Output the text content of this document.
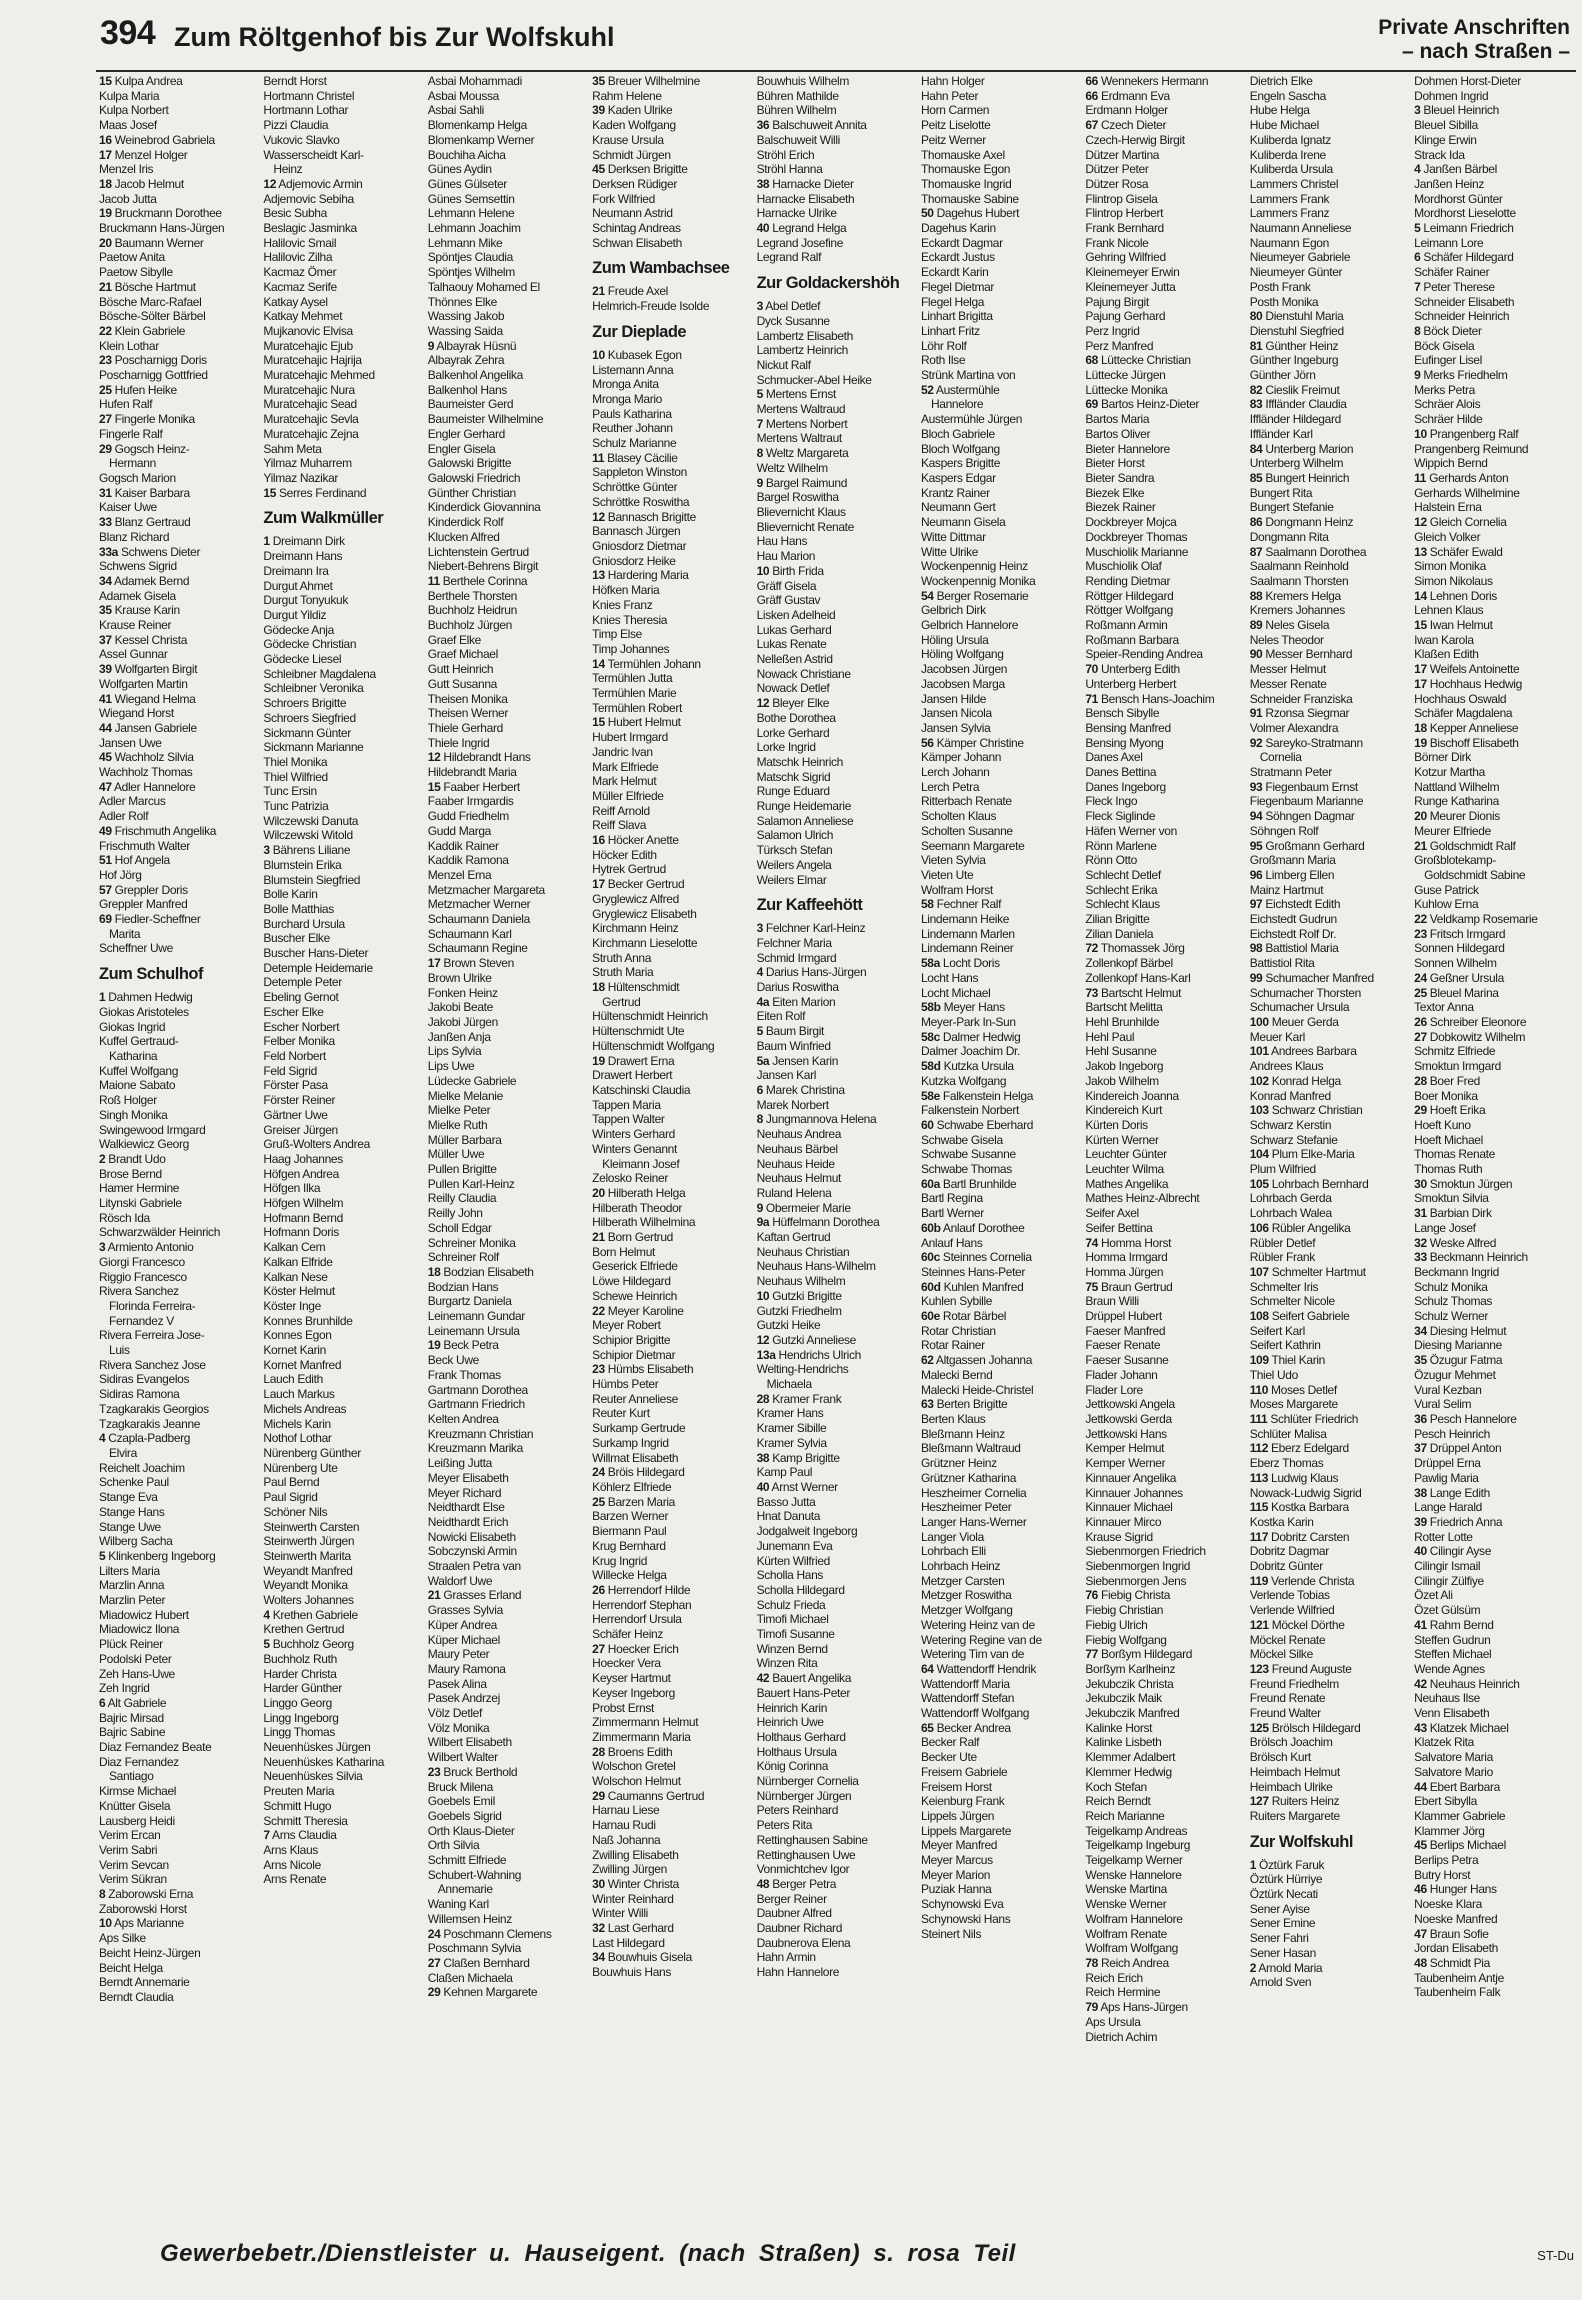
394 Zum Röltgenhof bis Zur Wolfskuhl	Private Anschriften
– nach Straßen –
15 Kulpa Andrea
Kulpa Maria
Kulpa Norbert
Maas Josef
16 Weinebrod Gabriela
17 Menzel Holger
Menzel Iris
18 Jacob Helmut
Jacob Jutta
19 Bruckmann Dorothee
Bruckmann Hans-Jürgen
20 Baumann Werner
Paetow Anita
Paetow Sibylle
21 Bösche Hartmut
Bösche Marc-Rafael
Bösche-Sölter Bärbel
22 Klein Gabriele
Klein Lothar
23 Poscharnigg Doris
Poscharnigg Gottfried
25 Hufen Heike
Hufen Ralf
27 Fingerle Monika
Fingerle Ralf
29 Gogsch Heinz-
Hermann
Gogsch Marion
31 Kaiser Barbara
Kaiser Uwe
33 Blanz Gertraud
Blanz Richard
33a Schwens Dieter
Schwens Sigrid
34 Adamek Bernd
Adamek Gisela
35 Krause Karin
Krause Reiner
37 Kessel Christa
Assel Gunnar
39 Wolfgarten Birgit
Wolfgarten Martin
41 Wiegand Helma
Wiegand Horst
44 Jansen Gabriele
Jansen Uwe
45 Wachholz Silvia
Wachholz Thomas
47 Adler Hannelore
Adler Marcus
Adler Rolf
49 Frischmuth Angelika
Frischmuth Walter
51 Hof Angela
Hof Jörg
57 Greppler Doris
Greppler Manfred
69 Fiedler-Scheffner
Marita
Scheffner Uwe
Zum Schulhof
1 Dahmen Hedwig
Giokas Aristoteles
Giokas Ingrid
Kuffel Gertraud-
Katharina
Kuffel Wolfgang
Maione Sabato
Roß Holger
Singh Monika
Swingewood Irmgard
Walkiewicz Georg
2 Brandt Udo
Brose Bernd
Hamer Hermine
Litynski Gabriele
Rösch Ida
Schwarzwälder Heinrich
3 Armiento Antonio
Giorgi Francesco
Riggio Francesco
Rivera Sanchez
Florinda Ferreira-
Fernandez V
Rivera Ferreira Jose-
Luis
Rivera Sanchez Jose
Sidiras Evangelos
Sidiras Ramona
Tzagkarakis Georgios
Tzagkarakis Jeanne
4 Czapla-Padberg
Elvira
Reichelt Joachim
Schenke Paul
Stange Eva
Stange Hans
Stange Uwe
Wilberg Sacha
5 Klinkenberg Ingeborg
Lilters Maria
Marzlin Anna
Marzlin Peter
Miadowicz Hubert
Miadowicz Ilona
Plück Reiner
Podolski Peter
Zeh Hans-Uwe
Zeh Ingrid
6 Alt Gabriele
Bajric Mirsad
Bajric Sabine
Diaz Fernandez Beate
Diaz Fernandez
Santiago
Kirmse Michael
Knütter Gisela
Lausberg Heidi
Verim Ercan
Verim Sabri
Verim Sevcan
Verim Sükran
8 Zaborowski Erna
Zaborowski Horst
10 Aps Marianne
Aps Silke
Beicht Heinz-Jürgen
Beicht Helga
Berndt Annemarie
Berndt Claudia
Berndt Horst
Hortmann Christel
Hortmann Lothar
Pizzi Claudia
Vukovic Slavko
Wasserscheidt Karl-
Heinz
12 Adjemovic Armin
Adjemovic Sebiha
Besic Subha
Beslagic Jasminka
Halilovic Smail
Halilovic Zilha
Kacmaz Ömer
Kacmaz Serife
Katkay Aysel
Katkay Mehmet
Mujkanovic Elvisa
Muratcehajic Ejub
Muratcehajic Hajrija
Muratcehajic Mehmed
Muratcehajic Nura
Muratcehajic Sead
Muratcehajic Sevla
Muratcehajic Zejna
Sahm Meta
Yilmaz Muharrem
Yilmaz Nazikar
15 Serres Ferdinand
Zum Walkmüller
1 Dreimann Dirk
Dreimann Hans
Dreimann Ira
Durgut Ahmet
Durgut Tonyukuk
Durgut Yildiz
Gödecke Anja
Gödecke Christian
Gödecke Liesel
Schleibner Magdalena
Schleibner Veronika
Schroers Brigitte
Schroers Siegfried
Sickmann Günter
Sickmann Marianne
Thiel Monika
Thiel Wilfried
Tunc Ersin
Tunc Patrizia
Wilczewski Danuta
Wilczewski Witold
3 Bährens Liliane
Blumstein Erika
Blumstein Siegfried
Bolle Karin
Bolle Matthias
Burchard Ursula
Buscher Elke
Buscher Hans-Dieter
Detemple Heidemarie
Detemple Peter
Ebeling Gernot
Escher Elke
Escher Norbert
Felber Monika
Feld Norbert
Feld Sigrid
Förster Pasa
Förster Reiner
Gärtner Uwe
Greiser Jürgen
Gruß-Wolters Andrea
Haag Johannes
Höfgen Andrea
Höfgen Ilka
Höfgen Wilhelm
Hofmann Bernd
Hofmann Doris
Kalkan Cem
Kalkan Elfride
Kalkan Nese
Köster Helmut
Köster Inge
Konnes Brunhilde
Konnes Egon
Kornet Karin
Kornet Manfred
Lauch Edith
Lauch Markus
Michels Andreas
Michels Karin
Nothof Lothar
Nürenberg Günther
Nürenberg Ute
Paul Bernd
Paul Sigrid
Schöner Nils
Steinwerth Carsten
Steinwerth Jürgen
Steinwerth Marita
Weyandt Manfred
Weyandt Monika
Wolters Johannes
4 Krethen Gabriele
Krethen Gertrud
5 Buchholz Georg
Buchholz Ruth
Harder Christa
Harder Günther
Linggo Georg
Lingg Ingeborg
Lingg Thomas
Neuenhüskes Jürgen
Neuenhüskes Katharina
Neuenhüskes Silvia
Preuten Maria
Schmitt Hugo
Schmitt Theresia
7 Arns Claudia
Arns Klaus
Arns Nicole
Arns Renate
Asbai Mohammadi
Asbai Moussa
Asbai Sahli
Blomenkamp Helga
Blomenkamp Werner
Bouchiha Aicha
Günes Aydin
Günes Gülseter
Günes Semsettin
Lehmann Helene
Lehmann Joachim
Lehmann Mike
Spöntjes Claudia
Spöntjes Wilhelm
Talhaouy Mohamed El
Thönnes Elke
Wassing Jakob
Wassing Saida
9 Albayrak Hüsnü
Albayrak Zehra
Balkenhol Angelika
Balkenhol Hans
Baumeister Gerd
Baumeister Wilhelmine
Engler Gerhard
Engler Gisela
Galowski Brigitte
Galowski Friedrich
Günther Christian
Kinderdick Giovannina
Kinderdick Rolf
Klucken Alfred
Lichtenstein Gertrud
Niebert-Behrens Birgit
11 Berthele Corinna
Berthele Thorsten
Buchholz Heidrun
Buchholz Jürgen
Graef Elke
Graef Michael
Gutt Heinrich
Gutt Susanna
Theisen Monika
Theisen Werner
Thiele Gerhard
Thiele Ingrid
12 Hildebrandt Hans
Hildebrandt Maria
15 Faaber Herbert
Faaber Irmgardis
Gudd Friedhelm
Gudd Marga
Kaddik Rainer
Kaddik Ramona
Menzel Erna
Metzmacher Margareta
Metzmacher Werner
Schaumann Daniela
Schaumann Karl
Schaumann Regine
17 Brown Steven
Brown Ulrike
Fonken Heinz
Jakobi Beate
Jakobi Jürgen
Janßen Anja
Lips Sylvia
Lips Uwe
Lüdecke Gabriele
Mielke Melanie
Mielke Peter
Mielke Ruth
Müller Barbara
Müller Uwe
Pullen Brigitte
Pullen Karl-Heinz
Reilly Claudia
Reilly John
Scholl Edgar
Schreiner Monika
Schreiner Rolf
18 Bodzian Elisabeth
Bodzian Hans
Burgartz Daniela
Leinemann Gundar
Leinemann Ursula
19 Beck Petra
Beck Uwe
Frank Thomas
Gartmann Dorothea
Gartmann Friedrich
Kelten Andrea
Kreuzmann Christian
Kreuzmann Marika
Leißing Jutta
Meyer Elisabeth
Meyer Richard
Neidthardt Else
Neidthardt Erich
Nowicki Elisabeth
Sobczynski Armin
Straalen Petra van
Waldorf Uwe
21 Grasses Erland
Grasses Sylvia
Küper Andrea
Küper Michael
Maury Peter
Maury Ramona
Pasek Alina
Pasek Andrzej
Völz Detlef
Völz Monika
Wilbert Elisabeth
Wilbert Walter
23 Bruck Berthold
Bruck Milena
Goebels Emil
Goebels Sigrid
Orth Klaus-Dieter
Orth Silvia
Schmitt Elfriede
Schubert-Wahning
Annemarie
Waning Karl
Willemsen Heinz
24 Poschmann Clemens
Poschmann Sylvia
27 Claßen Bernhard
Claßen Michaela
29 Kehnen Margarete
35 Breuer Wilhelmine
Rahm Helene
39 Kaden Ulrike
Kaden Wolfgang
Krause Ursula
Schmidt Jürgen
45 Derksen Brigitte
Derksen Rüdiger
Fork Wilfried
Neumann Astrid
Schintag Andreas
Schwan Elisabeth
Zum Wambachsee
21 Freude Axel
Helmrich-Freude Isolde
Zur Dieplade
10 Kubasek Egon
Listemann Anna
Mronga Anita
Mronga Mario
Pauls Katharina
Reuther Johann
Schulz Marianne
11 Blasey Cäcilie
Sappleton Winston
Schröttke Günter
Schröttke Roswitha
12 Bannasch Brigitte
Bannasch Jürgen
Gniosdorz Dietmar
Gniosdorz Heike
13 Hardering Maria
Höfken Maria
Knies Franz
Knies Theresia
Timp Else
Timp Johannes
14 Termühlen Johann
Termühlen Jutta
Termühlen Marie
Termühlen Robert
15 Hubert Helmut
Hubert Irmgard
Jandric Ivan
Mark Elfriede
Mark Helmut
Müller Elfriede
Reiff Arnold
Reiff Slava
16 Höcker Anette
Höcker Edith
Hytrek Gertrud
17 Becker Gertrud
Gryglewicz Alfred
Gryglewicz Elisabeth
Kirchmann Heinz
Kirchmann Lieselotte
Struth Anna
Struth Maria
18 Hültenschmidt
Gertrud
Hültenschmidt Heinrich
Hültenschmidt Ute
Hültenschmidt Wolfgang
19 Drawert Erna
Drawert Herbert
Katschinski Claudia
Tappen Maria
Tappen Walter
Winters Gerhard
Winters Genannt
Kleimann Josef
Zelosko Reiner
20 Hilberath Helga
Hilberath Theodor
Hilberath Wilhelmina
21 Born Gertrud
Born Helmut
Geserick Elfriede
Löwe Hildegard
Schewe Heinrich
22 Meyer Karoline
Meyer Robert
Schipior Brigitte
Schipior Dietmar
23 Hümbs Elisabeth
Hümbs Peter
Reuter Anneliese
Reuter Kurt
Surkamp Gertrude
Surkamp Ingrid
Willmat Elisabeth
24 Bröis Hildegard
Köhlerz Elfriede
25 Barzen Maria
Barzen Werner
Biermann Paul
Krug Bernhard
Krug Ingrid
Willecke Helga
26 Herrendorf Hilde
Herrendorf Stephan
Herrendorf Ursula
Schäfer Heinz
27 Hoecker Erich
Hoecker Vera
Keyser Hartmut
Keyser Ingeborg
Probst Ernst
Zimmermann Helmut
Zimmermann Maria
28 Broens Edith
Wolschon Gretel
Wolschon Helmut
29 Caumanns Gertrud
Harnau Liese
Harnau Rudi
Naß Johanna
Zwilling Elisabeth
Zwilling Jürgen
30 Winter Christa
Winter Reinhard
Winter Willi
32 Last Gerhard
Last Hildegard
34 Bouwhuis Gisela
Bouwhuis Hans
Bouwhuis Wilhelm
Bühren Mathilde
Bühren Wilhelm
36 Balschuweit Annita
Balschuweit Willi
Ströhl Erich
Ströhl Hanna
38 Harnacke Dieter
Harnacke Elisabeth
Harnacke Ulrike
40 Legrand Helga
Legrand Josefine
Legrand Ralf
Zur Goldackershöh
3 Abel Detlef
Dyck Susanne
Lambertz Elisabeth
Lambertz Heinrich
Nickut Ralf
Schmucker-Abel Heike
5 Mertens Ernst
Mertens Waltraud
7 Mertens Norbert
Mertens Waltraut
8 Weltz Margareta
Weltz Wilhelm
9 Bargel Raimund
Bargel Roswitha
Blievernicht Klaus
Blievernicht Renate
Hau Hans
Hau Marion
10 Birth Frida
Gräff Gisela
Gräff Gustav
Lisken Adelheid
Lukas Gerhard
Lukas Renate
Nelleßen Astrid
Nowack Christiane
Nowack Detlef
12 Bleyer Elke
Bothe Dorothea
Lorke Gerhard
Lorke Ingrid
Matschk Heinrich
Matschk Sigrid
Runge Eduard
Runge Heidemarie
Salamon Anneliese
Salamon Ulrich
Türksch Stefan
Weilers Angela
Weilers Elmar
Zur Kaffeehött
3 Felchner Karl-Heinz
Felchner Maria
Schmid Irmgard
4 Darius Hans-Jürgen
Darius Roswitha
4a Eiten Marion
Eiten Rolf
5 Baum Birgit
Baum Winfried
5a Jensen Karin
Jansen Karl
6 Marek Christina
Marek Norbert
8 Jungmannova Helena
Neuhaus Andrea
Neuhaus Bärbel
Neuhaus Heide
Neuhaus Helmut
Ruland Helena
9 Obermeier Marie
9a Hüffelmann Dorothea
Kaftan Gertrud
Neuhaus Christian
Neuhaus Hans-Wilhelm
Neuhaus Wilhelm
10 Gutzki Brigitte
Gutzki Friedhelm
Gutzki Heike
12 Gutzki Anneliese
13a Hendrichs Ulrich
Welting-Hendrichs
Michaela
28 Kramer Frank
Kramer Hans
Kramer Sibille
Kramer Sylvia
38 Kamp Brigitte
Kamp Paul
40 Arnst Werner
Basso Jutta
Hnat Danuta
Jodgalweit Ingeborg
Junemann Eva
Kürten Wilfried
Scholla Hans
Scholla Hildegard
Schulz Frieda
Timofi Michael
Timofi Susanne
Winzen Bernd
Winzen Rita
42 Bauert Angelika
Bauert Hans-Peter
Heinrich Karin
Heinrich Uwe
Holthaus Gerhard
Holthaus Ursula
König Corinna
Nürnberger Cornelia
Nürnberger Jürgen
Peters Reinhard
Peters Rita
Rettinghausen Sabine
Rettinghausen Uwe
Vonmichtchev Igor
48 Berger Petra
Berger Reiner
Daubner Alfred
Daubner Richard
Daubnerova Elena
Hahn Armin
Hahn Hannelore
Hahn Holger
Hahn Peter
Horn Carmen
Peitz Liselotte
Peitz Werner
Thomauske Axel
Thomauske Egon
Thomauske Ingrid
Thomauske Sabine
50 Dagehus Hubert
Dagehus Karin
Eckardt Dagmar
Eckardt Justus
Eckardt Karin
Flegel Dietmar
Flegel Helga
Linhart Brigitta
Linhart Fritz
Löhr Rolf
Roth Ilse
Strünk Martina von
52 Austermühle
Hannelore
Austermühle Jürgen
Bloch Gabriele
Bloch Wolfgang
Kaspers Brigitte
Kaspers Edgar
Krantz Rainer
Neumann Gert
Neumann Gisela
Witte Dittmar
Witte Ulrike
Wockenpennig Heinz
Wockenpennig Monika
54 Berger Rosemarie
Gelbrich Dirk
Gelbrich Hannelore
Höling Ursula
Höling Wolfgang
Jacobsen Jürgen
Jacobsen Marga
Jansen Hilde
Jansen Nicola
Jansen Sylvia
56 Kämper Christine
Kämper Johann
Lerch Johann
Lerch Petra
Ritterbach Renate
Scholten Klaus
Scholten Susanne
Seemann Margarete
Vieten Sylvia
Vieten Ute
Wolfram Horst
58 Fechner Ralf
Lindemann Heike
Lindemann Marlen
Lindemann Reiner
58a Locht Doris
Locht Hans
Locht Michael
58b Meyer Hans
Meyer-Park In-Sun
58c Dalmer Hedwig
Dalmer Joachim Dr.
58d Kutzka Ursula
Kutzka Wolfgang
58e Falkenstein Helga
Falkenstein Norbert
60 Schwabe Eberhard
Schwabe Gisela
Schwabe Susanne
Schwabe Thomas
60a Bartl Brunhilde
Bartl Regina
Bartl Werner
60b Anlauf Dorothee
Anlauf Hans
60c Steinnes Cornelia
Steinnes Hans-Peter
60d Kuhlen Manfred
Kuhlen Sybille
60e Rotar Bärbel
Rotar Christian
Rotar Rainer
62 Altgassen Johanna
Malecki Bernd
Malecki Heide-Christel
63 Berten Brigitte
Berten Klaus
Bleßmann Heinz
Bleßmann Waltraud
Grützner Heinz
Grützner Katharina
Heszheimer Cornelia
Heszheimer Peter
Langer Hans-Werner
Langer Viola
Lohrbach Elli
Lohrbach Heinz
Metzger Carsten
Metzger Roswitha
Metzger Wolfgang
Wetering Heinz van de
Wetering Regine van de
Wetering Tim van de
64 Wattendorff Hendrik
Wattendorff Maria
Wattendorff Stefan
Wattendorff Wolfgang
65 Becker Andrea
Becker Ralf
Becker Ute
Freisem Gabriele
Freisem Horst
Keienburg Frank
Lippels Jürgen
Lippels Margarete
Meyer Manfred
Meyer Marcus
Meyer Marion
Puziak Hanna
Schynowski Eva
Schynowski Hans
Steinert Nils
66 Wennekers Hermann
66 Erdmann Eva
Erdmann Holger
67 Czech Dieter
Czech-Herwig Birgit
Dützer Martina
Dützer Peter
Dützer Rosa
Flintrop Gisela
Flintrop Herbert
Frank Bernhard
Frank Nicole
Gehring Wilfried
Kleinemeyer Erwin
Kleinemeyer Jutta
Pajung Birgit
Pajung Gerhard
Perz Ingrid
Perz Manfred
68 Lüttecke Christian
Lüttecke Jürgen
Lüttecke Monika
69 Bartos Heinz-Dieter
Bartos Maria
Bartos Oliver
Bieter Hannelore
Bieter Horst
Bieter Sandra
Biezek Elke
Biezek Rainer
Dockbreyer Mojca
Dockbreyer Thomas
Muschiolik Marianne
Muschiolik Olaf
Rending Dietmar
Röttger Hildegard
Röttger Wolfgang
Roßmann Armin
Roßmann Barbara
Speier-Rending Andrea
70 Unterberg Edith
Unterberg Herbert
71 Bensch Hans-Joachim
Bensch Sibylle
Bensing Manfred
Bensing Myong
Danes Axel
Danes Bettina
Danes Ingeborg
Fleck Ingo
Fleck Siglinde
Häfen Werner von
Rönn Marlene
Rönn Otto
Schlecht Detlef
Schlecht Erika
Schlecht Klaus
Zilian Brigitte
Zilian Daniela
72 Thomassek Jörg
Zollenkopf Bärbel
Zollenkopf Hans-Karl
73 Bartscht Helmut
Bartscht Melitta
Hehl Brunhilde
Hehl Paul
Hehl Susanne
Jakob Ingeborg
Jakob Wilhelm
Kindereich Joanna
Kindereich Kurt
Kürten Doris
Kürten Werner
Leuchter Günter
Leuchter Wilma
Mathes Angelika
Mathes Heinz-Albrecht
Seifer Axel
Seifer Bettina
74 Homma Horst
Homma Irmgard
Homma Jürgen
75 Braun Gertrud
Braun Willi
Drüppel Hubert
Faeser Manfred
Faeser Renate
Faeser Susanne
Flader Johann
Flader Lore
Jettkowski Angela
Jettkowski Gerda
Jettkowski Hans
Kemper Helmut
Kemper Werner
Kinnauer Angelika
Kinnauer Johannes
Kinnauer Michael
Kinnauer Mirco
Krause Sigrid
Siebenmorgen Friedrich
Siebenmorgen Ingrid
Siebenmorgen Jens
76 Fiebig Christa
Fiebig Christian
Fiebig Ulrich
Fiebig Wolfgang
77 Borßym Hildegard
Borßym Karlheinz
Jekubczik Christa
Jekubczik Maik
Jekubczik Manfred
Kalinke Horst
Kalinke Lisbeth
Klemmer Adalbert
Klemmer Hedwig
Koch Stefan
Reich Berndt
Reich Marianne
Teigelkamp Andreas
Teigelkamp Ingeburg
Teigelkamp Werner
Wenske Hannelore
Wenske Martina
Wenske Werner
Wolfram Hannelore
Wolfram Renate
Wolfram Wolfgang
78 Reich Andrea
Reich Erich
Reich Hermine
79 Aps Hans-Jürgen
Aps Ursula
Dietrich Achim
Dietrich Elke
Engeln Sascha
Hube Helga
Hube Michael
Kuliberda Ignatz
Kuliberda Irene
Kuliberda Ursula
Lammers Christel
Lammers Frank
Lammers Franz
Naumann Anneliese
Naumann Egon
Nieumeyer Gabriele
Nieumeyer Günter
Posth Frank
Posth Monika
80 Dienstuhl Maria
Dienstuhl Siegfried
81 Günther Heinz
Günther Ingeburg
Günther Jörn
82 Cieslik Freimut
83 Iffländer Claudia
Iffländer Hildegard
Iffländer Karl
84 Unterberg Marion
Unterberg Wilhelm
85 Bungert Heinrich
Bungert Rita
Bungert Stefanie
86 Dongmann Heinz
Dongmann Rita
87 Saalmann Dorothea
Saalmann Reinhold
Saalmann Thorsten
88 Kremers Helga
Kremers Johannes
89 Neles Gisela
Neles Theodor
90 Messer Bernhard
Messer Helmut
Messer Renate
Schneider Franziska
91 Rzonsa Siegmar
Volmer Alexandra
92 Sareyko-Stratmann
Cornelia
Stratmann Peter
93 Fiegenbaum Ernst
Fiegenbaum Marianne
94 Söhngen Dagmar
Söhngen Rolf
95 Großmann Gerhard
Großmann Maria
96 Limberg Ellen
Mainz Hartmut
97 Eichstedt Edith
Eichstedt Gudrun
Eichstedt Rolf Dr.
98 Battistiol Maria
Battistiol Rita
99 Schumacher Manfred
Schumacher Thorsten
Schumacher Ursula
100 Meuer Gerda
Meuer Karl
101 Andrees Barbara
Andrees Klaus
102 Konrad Helga
Konrad Manfred
103 Schwarz Christian
Schwarz Kerstin
Schwarz Stefanie
104 Plum Elke-Maria
Plum Wilfried
105 Lohrbach Bernhard
Lohrbach Gerda
Lohrbach Walea
106 Rübler Angelika
Rübler Detlef
Rübler Frank
107 Schmelter Hartmut
Schmelter Iris
Schmelter Nicole
108 Seifert Gabriele
Seifert Karl
Seifert Kathrin
109 Thiel Karin
Thiel Udo
110 Moses Detlef
Moses Margarete
111 Schlüter Friedrich
Schlüter Malisa
112 Eberz Edelgard
Eberz Thomas
113 Ludwig Klaus
Nowack-Ludwig Sigrid
115 Kostka Barbara
Kostka Karin
117 Dobritz Carsten
Dobritz Dagmar
Dobritz Günter
119 Verlende Christa
Verlende Tobias
Verlende Wilfried
121 Möckel Dörthe
Möckel Renate
Möckel Silke
123 Freund Auguste
Freund Friedhelm
Freund Renate
Freund Walter
125 Brölsch Hildegard
Brölsch Joachim
Brölsch Kurt
Heimbach Helmut
Heimbach Ulrike
127 Ruiters Heinz
Ruiters Margarete
Zur Wolfskuhl
1 Öztürk Faruk
Öztürk Hürriye
Öztürk Necati
Sener Ayise
Sener Emine
Sener Fahri
Sener Hasan
2 Arnold Maria
Arnold Sven
Dohmen Horst-Dieter
Dohmen Ingrid
3 Bleuel Heinrich
Bleuel Sibilla
Klinge Erwin
Strack Ida
4 Janßen Bärbel
Janßen Heinz
Mordhorst Günter
Mordhorst Lieselotte
5 Leimann Friedrich
Leimann Lore
6 Schäfer Hildegard
Schäfer Rainer
7 Peter Therese
Schneider Elisabeth
Schneider Heinrich
8 Böck Dieter
Böck Gisela
Eufinger Lisel
9 Merks Friedhelm
Merks Petra
Schräer Alois
Schräer Hilde
10 Prangenberg Ralf
Prangenberg Reimund
Wippich Bernd
11 Gerhards Anton
Gerhards Wilhelmine
Halstein Erna
12 Gleich Cornelia
Gleich Volker
13 Schäfer Ewald
Simon Monika
Simon Nikolaus
14 Lehnen Doris
Lehnen Klaus
15 Iwan Helmut
Iwan Karola
Klaßen Edith
17 Weifels Antoinette
17 Hochhaus Hedwig
Hochhaus Oswald
Schäfer Magdalena
18 Kepper Anneliese
19 Bischoff Elisabeth
Börner Dirk
Kotzur Martha
Nattland Wilhelm
Runge Katharina
20 Meurer Dionis
Meurer Elfriede
21 Goldschmidt Ralf
Großblotekamp-
Goldschmidt Sabine
Guse Patrick
Kuhlow Erna
22 Veldkamp Rosemarie
23 Fritsch Irmgard
Sonnen Hildegard
Sonnen Wilhelm
24 Geßner Ursula
25 Bleuel Marina
Textor Anna
26 Schreiber Eleonore
27 Dobkowitz Wilhelm
Schmitz Elfriede
Smoktun Irmgard
28 Boer Fred
Boer Monika
29 Hoeft Erika
Hoeft Kuno
Hoeft Michael
Thomas Renate
Thomas Ruth
30 Smoktun Jürgen
Smoktun Silvia
31 Barbian Dirk
Lange Josef
32 Weske Alfred
33 Beckmann Heinrich
Beckmann Ingrid
Schulz Monika
Schulz Thomas
Schulz Werner
34 Diesing Helmut
Diesing Marianne
35 Özugur Fatma
Özugur Mehmet
Vural Kezban
Vural Selim
36 Pesch Hannelore
Pesch Heinrich
37 Drüppel Anton
Drüppel Erna
Pawlig Maria
38 Lange Edith
Lange Harald
39 Friedrich Anna
Rotter Lotte
40 Cilingir Ayse
Cilingir Ismail
Cilingir Zülfiye
Özet Ali
Özet Gülsüm
41 Rahm Bernd
Steffen Gudrun
Steffen Michael
Wende Agnes
42 Neuhaus Heinrich
Neuhaus Ilse
Venn Elisabeth
43 Klatzek Michael
Klatzek Rita
Salvatore Maria
Salvatore Mario
44 Ebert Barbara
Ebert Sibylla
Klammer Gabriele
Klammer Jörg
45 Berlips Michael
Berlips Petra
Butry Horst
46 Hunger Hans
Noeske Klara
Noeske Manfred
47 Braun Sofie
Jordan Elisabeth
48 Schmidt Pia
Taubenheim Antje
Taubenheim Falk
Gewerbebetr./Dienstleister u. Hauseigent. (nach Straßen) s. rosa Teil	ST-Du
